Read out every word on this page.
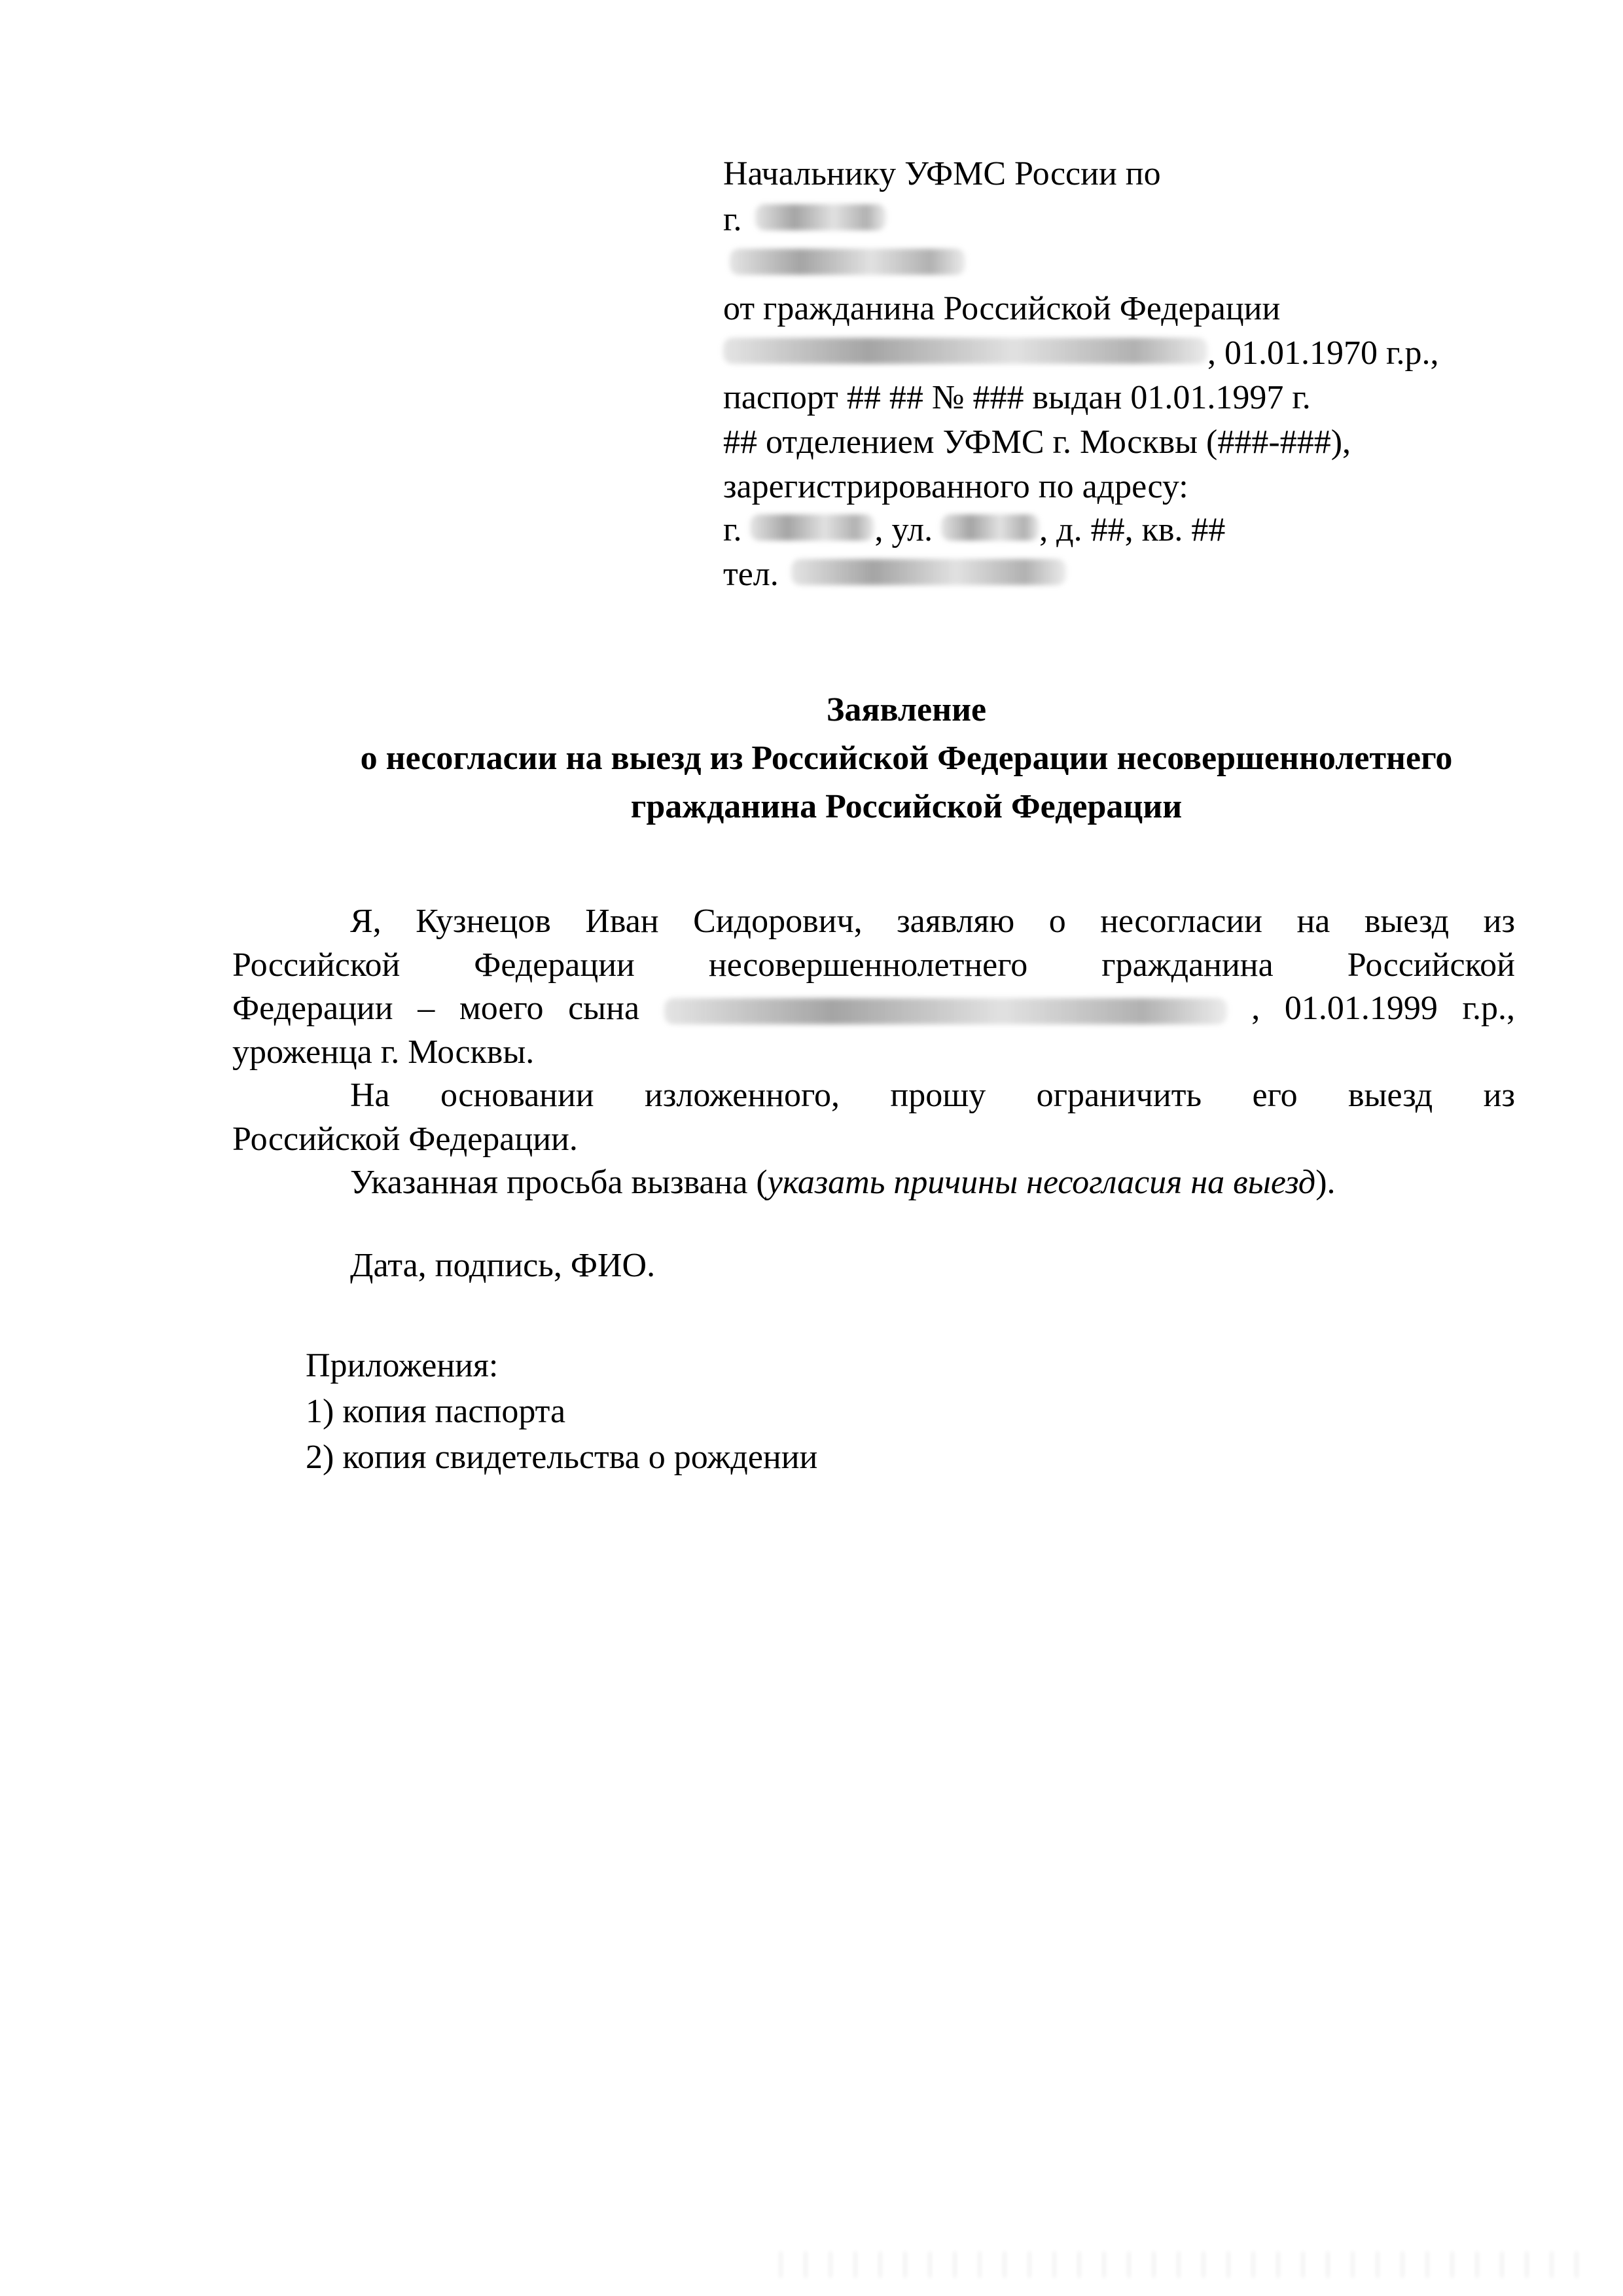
Начальнику УФМС России по
г.
от гражданина Российской Федерации
, 01.01.1970 г.р.,
паспорт ## ## № ### выдан 01.01.1997 г.
## отделением УФМС г. Москвы (###-###),
зарегистрированного по адресу:
г.	, ул.	, д. ##, кв. ##
тел.
Заявление
о несогласии на выезд из Российской Федерации несовершеннолетнего
гражданина Российской Федерации
Я, Кузнецов Иван Сидорович, заявляю о несогласии на выезд из
Российской Федерации несовершеннолетнего гражданина Российской
Федерации – моего сына	, 01.01.1999 г.р.,
уроженца г. Москвы.
На основании изложенного, прошу ограничить его выезд из
Российской Федерации.
Указанная просьба вызвана (указать причины несогласия на выезд).
Дата, подпись, ФИО.
Приложения:
1) копия паспорта
2) копия свидетельства о рождении
